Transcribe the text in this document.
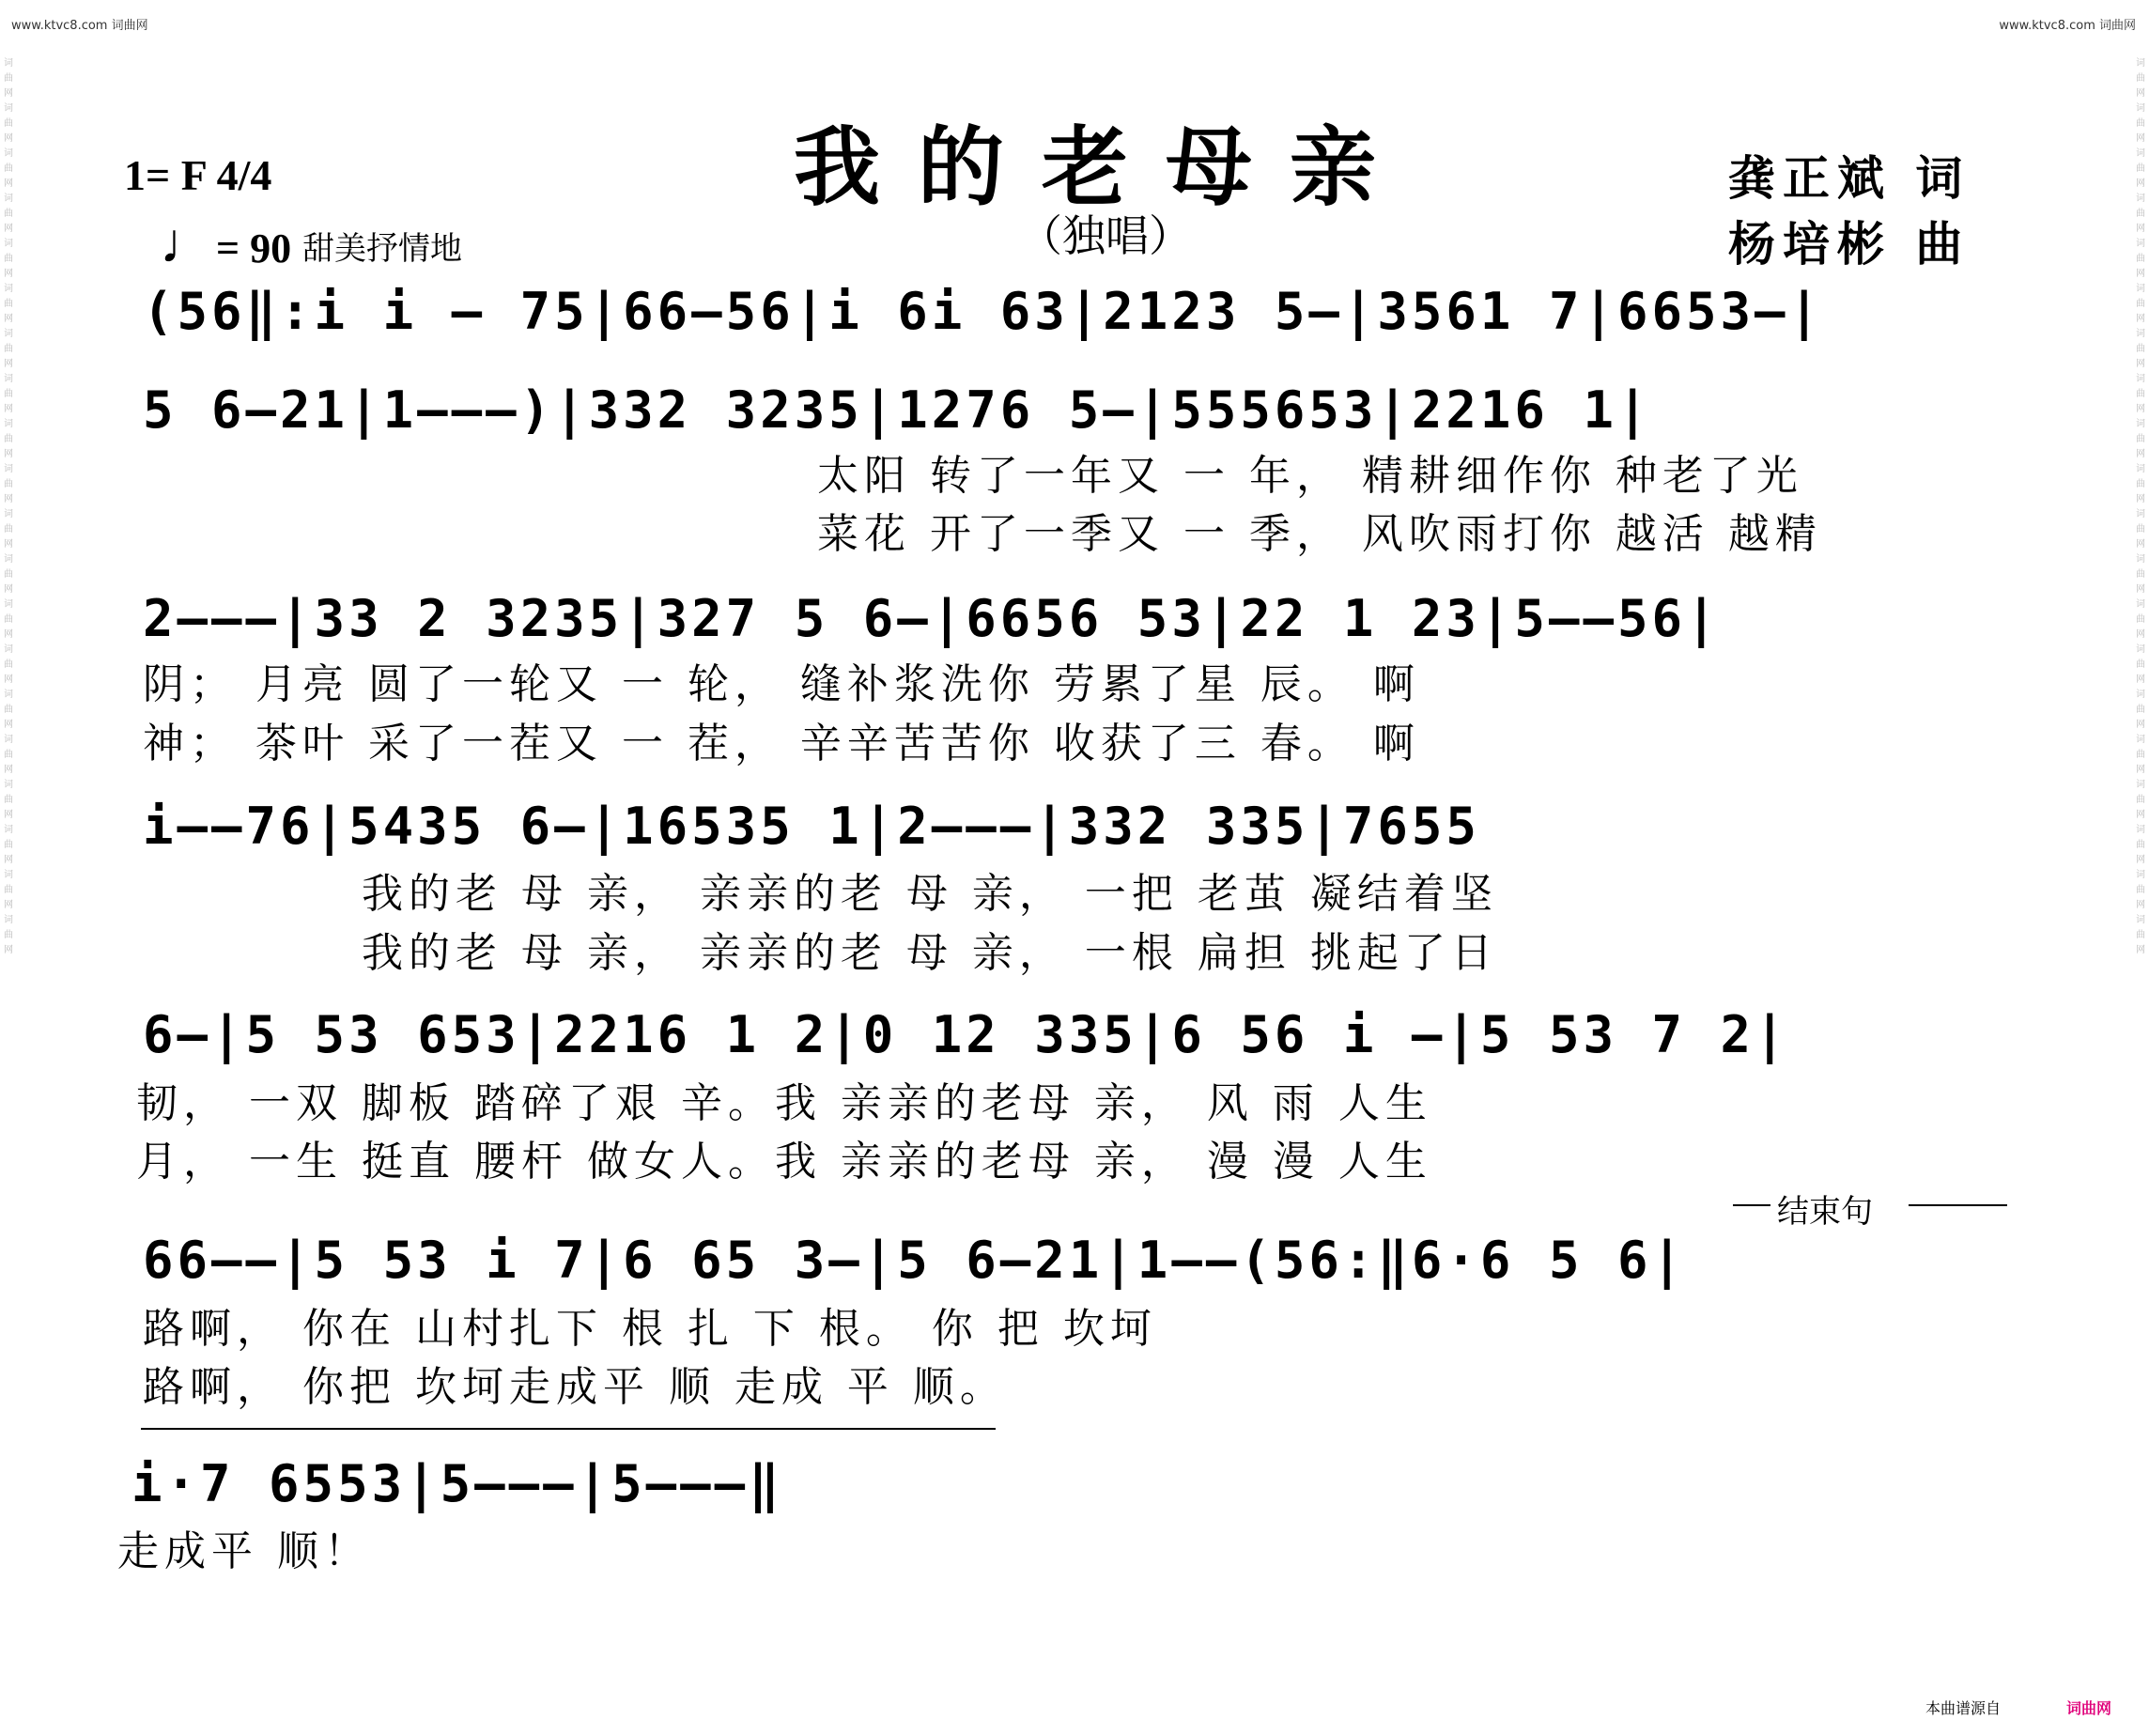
www.ktvc8.com 词曲网	www.ktvc8.com 词曲网
词曲网词曲网词曲网词曲网词曲网词曲网词曲网词曲网词曲网词曲网词曲网词曲网词曲网词曲网词曲网词曲网词曲网词曲网词曲网词曲网
词曲网词曲网词曲网词曲网词曲网词曲网词曲网词曲网词曲网词曲网词曲网词曲网词曲网词曲网词曲网词曲网词曲网词曲网词曲网词曲网
我的老母亲
（独唱）
1= F 4/4
♩= 90 甜美抒情地
龚正斌 词
杨培彬 曲
(56‖:i i — 75|66—56|i 6i 63|2123 5—|3561 7|6653—|
5 6—21|1———)|332 3235|1276 5—|555653|2216 1|
太阳 转了一年又 一 年， 精耕细作你 种老了光
菜花 开了一季又 一 季， 风吹雨打你 越活 越精
2———|33 2 3235|327 5 6—|6656 53|22 1 23|5——56|
阴； 月亮 圆了一轮又 一 轮， 缝补浆洗你 劳累了星 辰。 啊
神； 茶叶 采了一茬又 一 茬， 辛辛苦苦你 收获了三 春。 啊
i——76|5435 6—|16535 1|2———|332 335|7655
我的老 母 亲， 亲亲的老 母 亲， 一把 老茧 凝结着坚
我的老 母 亲， 亲亲的老 母 亲， 一根 扁担 挑起了日
6—|5 53 653|2216 1 2|0 12 335|6 56 i —|5 53 7 2|
韧， 一双 脚板 踏碎了艰 辛。我 亲亲的老母 亲， 风 雨 人生
月， 一生 挺直 腰杆 做女人。我 亲亲的老母 亲， 漫 漫 人生
结束句
66——|5 53 i 7|6 65 3—|5 6—21|1——(56:‖6·6 5 6|
路啊， 你在 山村扎下 根 扎 下 根。 你 把 坎坷
路啊， 你把 坎坷走成平 顺 走成 平 顺。
i·7 6553|5———|5———‖
走成平 顺！
本曲谱源自	词曲网
